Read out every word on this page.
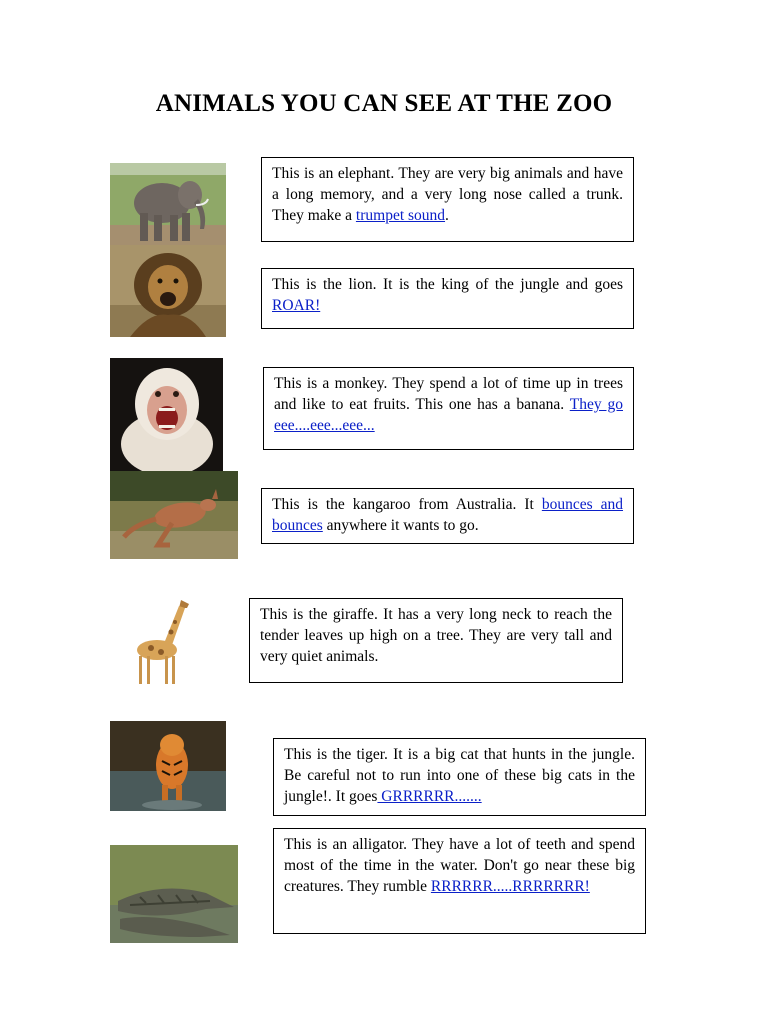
ANIMALS YOU CAN SEE AT THE ZOO
This is an elephant. They are very big animals and have a long memory, and a very long nose called a trunk. They make a trumpet sound.
This is the lion. It is the king of the jungle and goes ROAR!
This is a monkey. They spend a lot of time up in trees and like to eat fruits. This one has a banana. They go eee....eee...eee...
This is the kangaroo from Australia. It bounces and bounces anywhere it wants to go.
This is the giraffe. It has a very long neck to reach the tender leaves up high on a tree. They are very tall and very quiet animals.
This is the tiger. It is a big cat that hunts in the jungle. Be careful not to run into one of these big cats in the jungle!. It goes GRRRRRR.......
This is an alligator. They have a lot of teeth and spend most of the time in the water. Don't go near these big creatures. They rumble RRRRRR.....RRRRRRR!
